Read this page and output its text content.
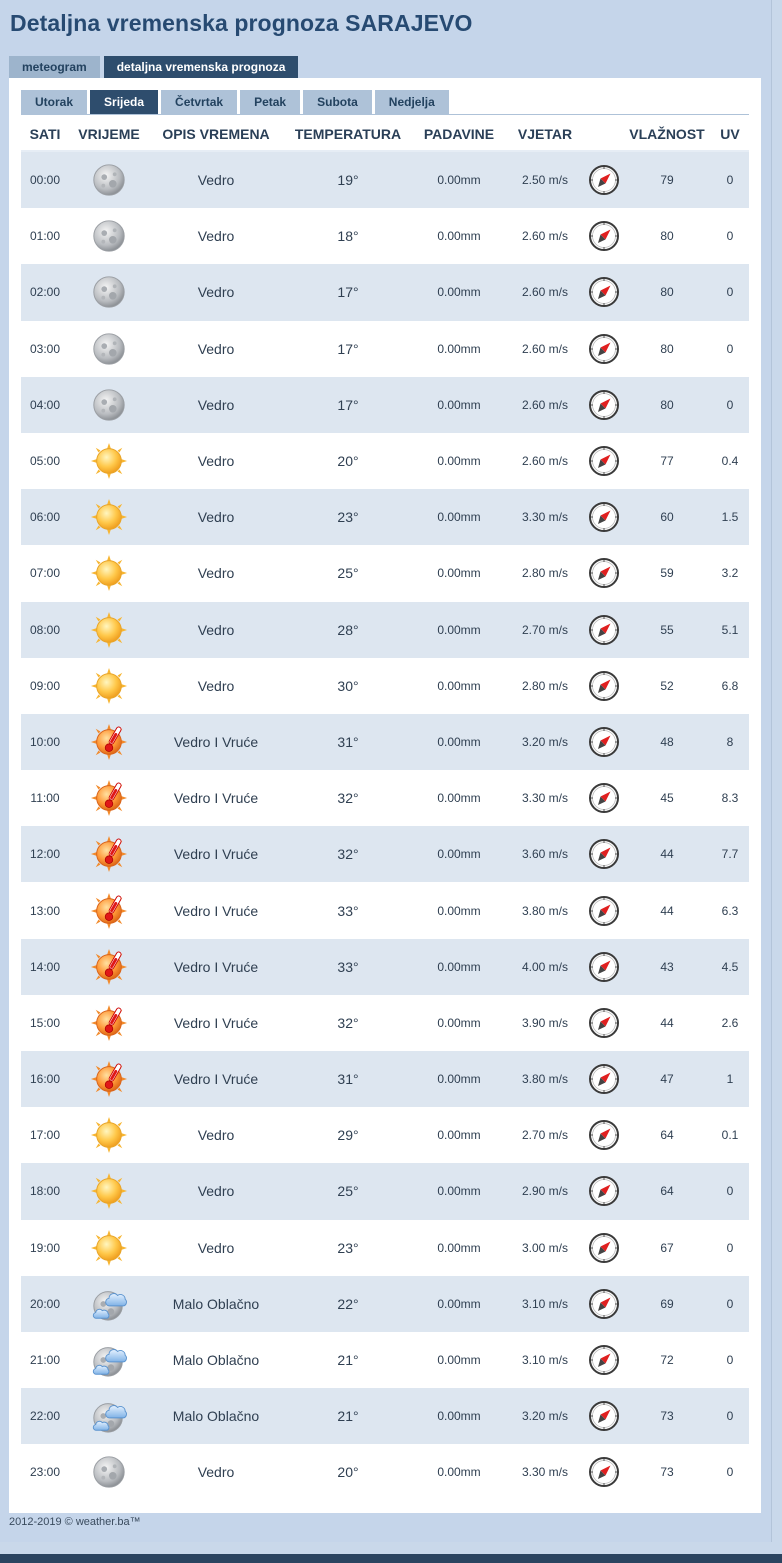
Detaljna vremenska prognoza SARAJEVO
meteogram	detaljna vremenska prognoza
Utorak	Srijeda	Četvrtak	Petak	Subota	Nedjelja
SATI	VRIJEME	OPIS VREMENA	TEMPERATURA	PADAVINE	VJETAR	VLAŽNOST	UV
00:00	Vedro	19°	0.00mm	2.50 m/s	79	0
01:00	Vedro	18°	0.00mm	2.60 m/s	80	0
02:00	Vedro	17°	0.00mm	2.60 m/s	80	0
03:00	Vedro	17°	0.00mm	2.60 m/s	80	0
04:00	Vedro	17°	0.00mm	2.60 m/s	80	0
05:00	Vedro	20°	0.00mm	2.60 m/s	77	0.4
06:00	Vedro	23°	0.00mm	3.30 m/s	60	1.5
07:00	Vedro	25°	0.00mm	2.80 m/s	59	3.2
08:00	Vedro	28°	0.00mm	2.70 m/s	55	5.1
09:00	Vedro	30°	0.00mm	2.80 m/s	52	6.8
10:00	Vedro I Vruće	31°	0.00mm	3.20 m/s	48	8
11:00	Vedro I Vruće	32°	0.00mm	3.30 m/s	45	8.3
12:00	Vedro I Vruće	32°	0.00mm	3.60 m/s	44	7.7
13:00	Vedro I Vruće	33°	0.00mm	3.80 m/s	44	6.3
14:00	Vedro I Vruće	33°	0.00mm	4.00 m/s	43	4.5
15:00	Vedro I Vruće	32°	0.00mm	3.90 m/s	44	2.6
16:00	Vedro I Vruće	31°	0.00mm	3.80 m/s	47	1
17:00	Vedro	29°	0.00mm	2.70 m/s	64	0.1
18:00	Vedro	25°	0.00mm	2.90 m/s	64	0
19:00	Vedro	23°	0.00mm	3.00 m/s	67	0
20:00	Malo Oblačno	22°	0.00mm	3.10 m/s	69	0
21:00	Malo Oblačno	21°	0.00mm	3.10 m/s	72	0
22:00	Malo Oblačno	21°	0.00mm	3.20 m/s	73	0
23:00	Vedro	20°	0.00mm	3.30 m/s	73	0
2012-2019 © weather.ba™
